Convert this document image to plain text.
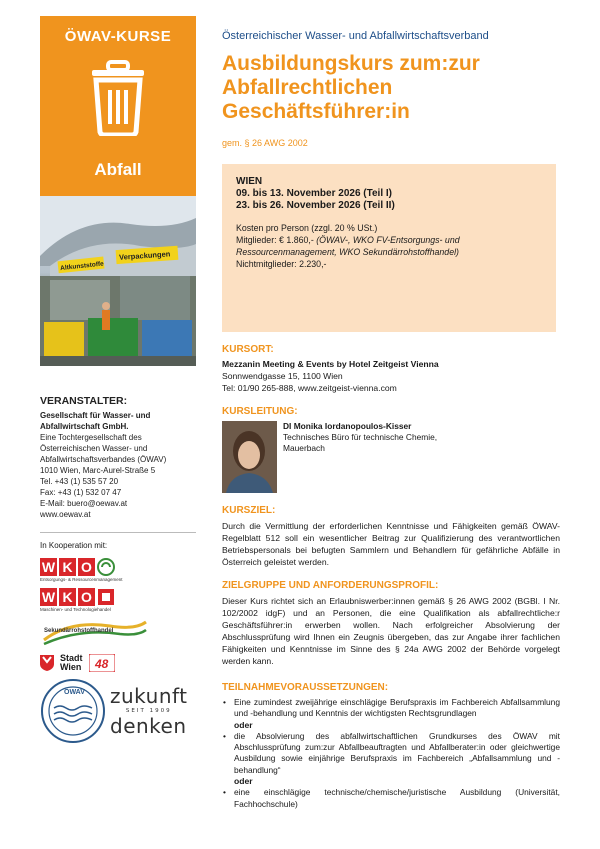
ÖWAV-KURSE
Abfall
Altkunststoffe
Verpackungen
VERANSTALTER:
Gesellschaft für Wasser- und
Abfallwirtschaft GmbH.
Eine Tochtergesellschaft des
Österreichischen Wasser- und
Abfallwirtschaftsverbandes (ÖWAV)
1010 Wien, Marc-Aurel-Straße 5
Tel. +43 (1) 535 57 20
Fax: +43 (1) 532 07 47
E-Mail: buero@oewav.at
www.oewav.at
In Kooperation mit:
W K O
Entsorgungs- & Ressourcenmanagement
W K O
Maschinen- und Technologiehandel
Sekundärrohstoffhandel
Stadt
Wien 48
ÖWAV zukunft
SEIT 1909
denken
Österreichischer Wasser- und Abfallwirtschaftsverband
Ausbildungskurs zum:zur
Abfallrechtlichen
Geschäftsführer:in
gem. § 26 AWG 2002
WIEN
09. bis 13. November 2026 (Teil I)
23. bis 26. November 2026 (Teil II)
Kosten pro Person (zzgl. 20 % USt.)
Mitglieder: € 1.860,- (ÖWAV-, WKO FV-Entsorgungs- und
Ressourcenmanagement, WKO Sekundärrohstoffhandel)
Nichtmitglieder: 2.230,-
KURSORT:
Mezzanin Meeting & Events by Hotel Zeitgeist Vienna
Sonnwendgasse 15, 1100 Wien
Tel: 01/90 265-888, www.zeitgeist-vienna.com
KURSLEITUNG:
DI Monika Iordanopoulos-Kisser
Technisches Büro für technische Chemie,
Mauerbach
KURSZIEL:
Durch die Vermittlung der erforderlichen Kenntnisse und Fähigkeiten gemäß ÖWAV-Regelblatt 512 soll ein wesentlicher Beitrag zur Qualifizierung des verantwortlichen Betriebspersonals bei befugten Sammlern und Behandlern für gefährliche Abfälle in Österreich geleistet werden.
ZIELGRUPPE UND ANFORDERUNGSPROFIL:
Dieser Kurs richtet sich an Erlaubniswerber:innen gemäß § 26 AWG 2002 (BGBl. I Nr. 102/2002 idgF) und an Personen, die eine Qualifikation als abfallrechtliche:r Geschäftsführer:in erwerben wollen. Nach erfolgreicher Absolvierung der Abschlussprüfung wird Ihnen ein Zeugnis übergeben, das zur Angabe ihrer fachlichen Fähigkeiten und Kenntnisse im Sinne des § 24a AWG 2002 der Behörde vorgelegt werden kann.
TEILNAHMEVORAUSSETZUNGEN:
• Eine zumindest zweijährige einschlägige Berufspraxis im Fachbereich Abfallsammlung und -behandlung und Kenntnis der wichtigsten Rechtsgrundlagen
oder
• die Absolvierung des abfallwirtschaftlichen Grundkurses des ÖWAV mit Abschlussprüfung zum:zur Abfallbeauftragten und Abfallberater:in oder gleichwertige Ausbildung sowie einjährige Berufspraxis im Fachbereich „Abfallsammlung und -behandlung“
oder
• eine einschlägige technische/chemische/juristische Ausbildung (Universität, Fachhochschule)
